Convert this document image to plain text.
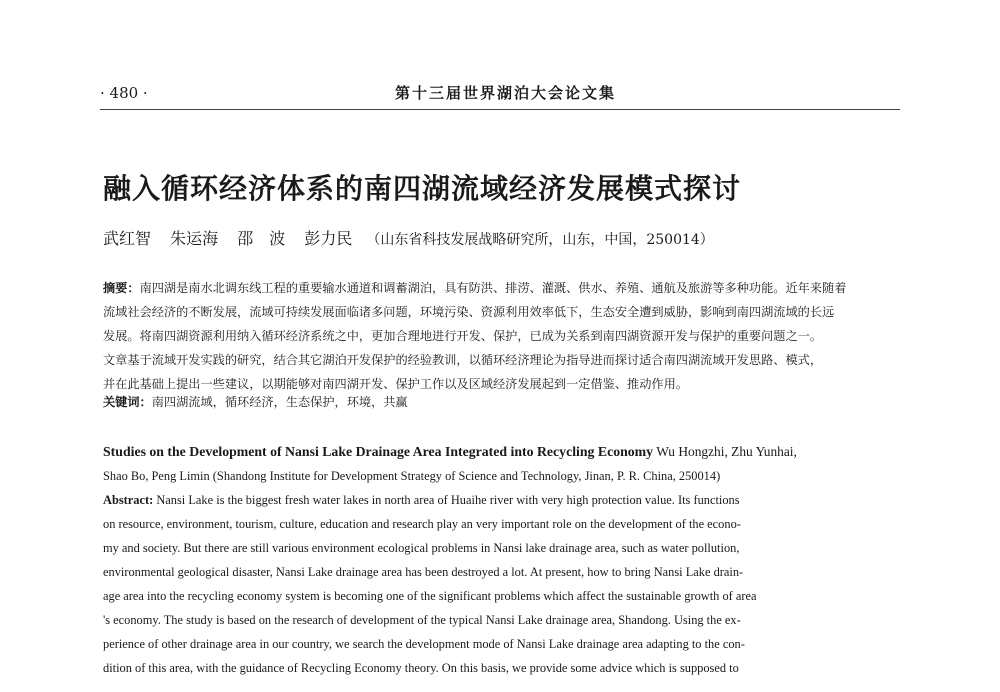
· 480 ·	第十三届世界湖泊大会论文集
融入循环经济体系的南四湖流域经济发展模式探讨
武红智 朱运海 邵　波 彭力民 （山东省科技发展战略研究所，山东，中国，250014）
摘要：南四湖是南水北调东线工程的重要输水通道和调蓄湖泊，具有防洪、排涝、灌溉、供水、养殖、通航及旅游等多种功能。近年来随着
流域社会经济的不断发展，流域可持续发展面临诸多问题，环境污染、资源利用效率低下，生态安全遭到威胁，影响到南四湖流域的长远
发展。将南四湖资源利用纳入循环经济系统之中，更加合理地进行开发、保护，已成为关系到南四湖资源开发与保护的重要问题之一。
文章基于流域开发实践的研究，结合其它湖泊开发保护的经验教训，以循环经济理论为指导进而探讨适合南四湖流域开发思路、模式，
并在此基础上提出一些建议，以期能够对南四湖开发、保护工作以及区域经济发展起到一定借鉴、推动作用。
关键词：南四湖流域，循环经济，生态保护，环境，共赢
Studies on the Development of Nansi Lake Drainage Area Integrated into Recycling Economy Wu Hongzhi, Zhu Yunhai,
Shao Bo, Peng Limin (Shandong Institute for Development Strategy of Science and Technology, Jinan, P. R. China, 250014)
Abstract: Nansi Lake is the biggest fresh water lakes in north area of Huaihe river with very high protection value. Its functions
on resource, environment, tourism, culture, education and research play an very important role on the development of the econo-
my and society. But there are still various environment ecological problems in Nansi lake drainage area, such as water pollution,
environmental geological disaster, Nansi Lake drainage area has been destroyed a lot. At present, how to bring Nansi Lake drain-
age area into the recycling economy system is becoming one of the significant problems which affect the sustainable growth of area
's economy. The study is based on the research of development of the typical Nansi Lake drainage area, Shandong. Using the ex-
perience of other drainage area in our country, we search the development mode of Nansi Lake drainage area adapting to the con-
dition of this area, with the guidance of Recycling Economy theory. On this basis, we provide some advice which is supposed to
